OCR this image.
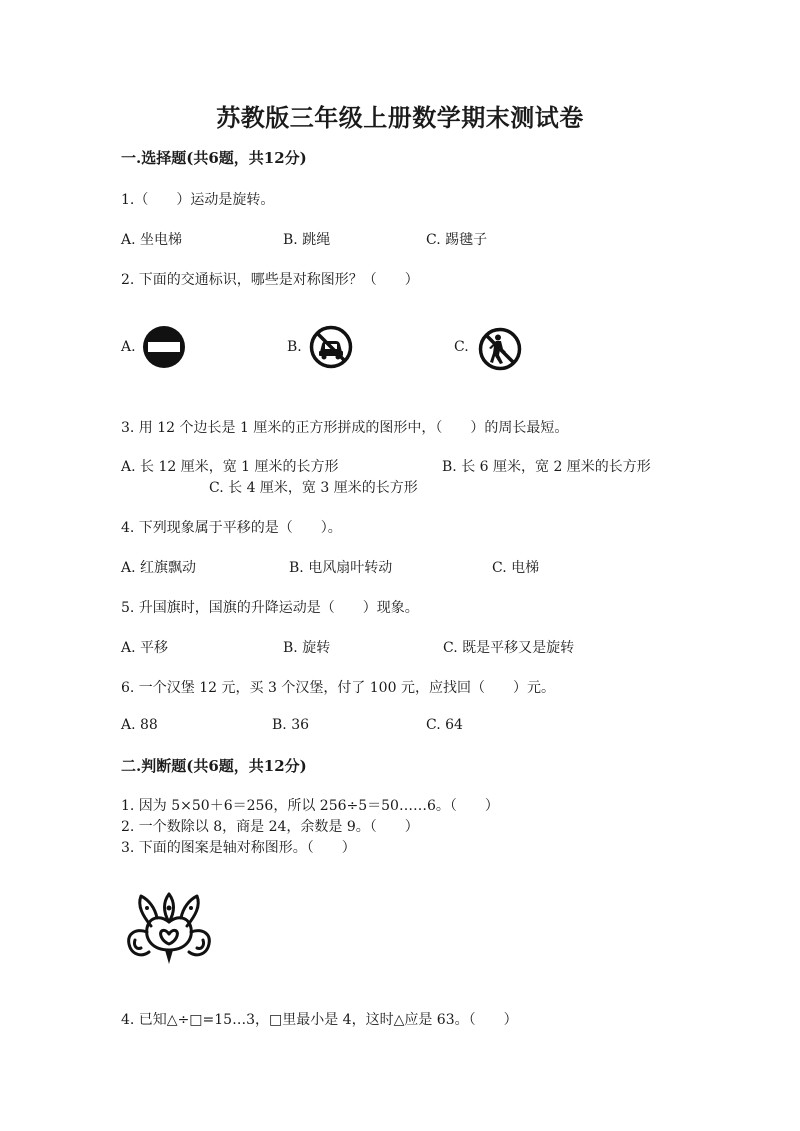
苏教版三年级上册数学期末测试卷
一.选择题(共6题，共12分)
1.（　　）运动是旋转。
A. 坐电梯	B. 跳绳	C. 踢毽子
2. 下面的交通标识，哪些是对称图形？（　　）
A.	B.	C.
3. 用 12 个边长是 1 厘米的正方形拼成的图形中，（　　）的周长最短。
A. 长 12 厘米，宽 1 厘米的长方形	B. 长 6 厘米，宽 2 厘米的长方形
C. 长 4 厘米，宽 3 厘米的长方形
4. 下列现象属于平移的是（　　）。
A. 红旗飘动	B. 电风扇叶转动	C. 电梯
5. 升国旗时，国旗的升降运动是（　　）现象。
A. 平移	B. 旋转	C. 既是平移又是旋转
6. 一个汉堡 12 元，买 3 个汉堡，付了 100 元，应找回（　　）元。
A. 88	B. 36	C. 64
二.判断题(共6题，共12分)
1. 因为 5×50＋6＝256，所以 256÷5＝50……6。（　　）
2. 一个数除以 8，商是 24，余数是 9。（　　）
3. 下面的图案是轴对称图形。（　　）
4. 已知△÷□=15…3，□里最小是 4，这时△应是 63。（　　）
